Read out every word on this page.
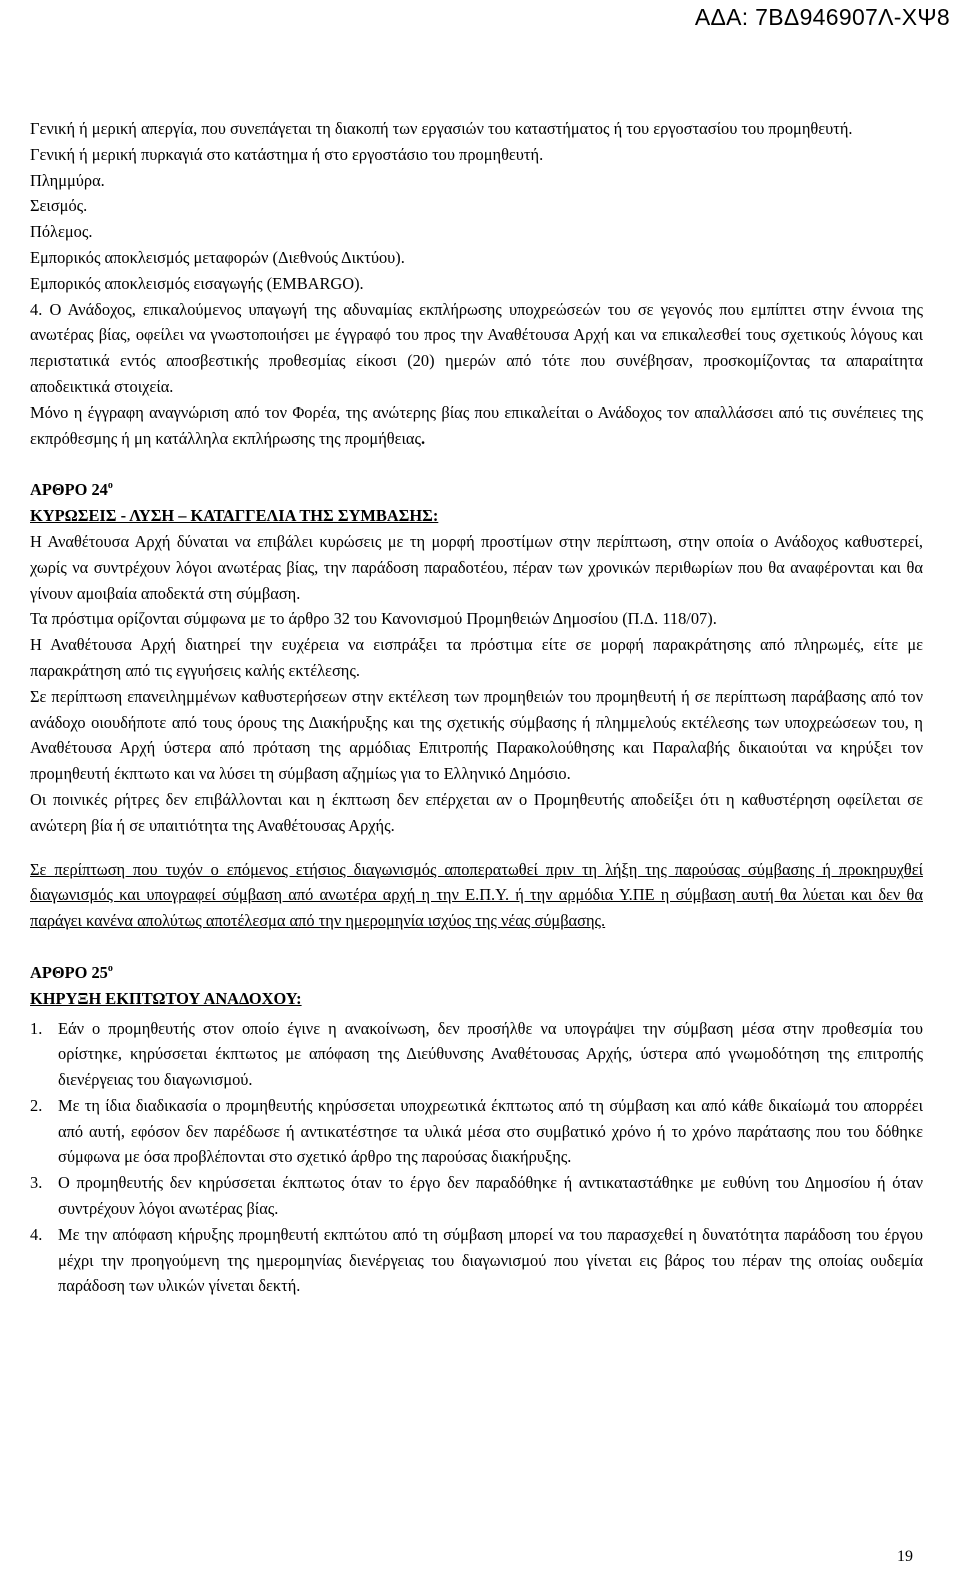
ΑΔΑ: 7ΒΔ946907Λ-ΧΨ8

Γενική ή μερική απεργία, που συνεπάγεται τη διακοπή των εργασιών του καταστήματος ή του εργοστασίου του προμηθευτή.

Γενική ή μερική πυρκαγιά στο κατάστημα ή στο εργοστάσιο του προμηθευτή.

Πλημμύρα.

Σεισμός.

Πόλεμος.

Εμπορικός αποκλεισμός μεταφορών (Διεθνούς Δικτύου).

Εμπορικός αποκλεισμός εισαγωγής (EMBARGO).

4. Ο Ανάδοχος, επικαλούμενος υπαγωγή της αδυναμίας εκπλήρωσης υποχρεώσεών του σε γεγονός που εμπίπτει στην έννοια της ανωτέρας βίας, οφείλει να γνωστοποιήσει με έγγραφό του προς την Αναθέτουσα Αρχή και να επικαλεσθεί τους σχετικούς λόγους και περιστατικά εντός αποσβεστικής προθεσμίας είκοσι (20) ημερών από τότε που συνέβησαν, προσκομίζοντας τα απαραίτητα αποδεικτικά στοιχεία.

Μόνο η έγγραφη αναγνώριση από τον Φορέα, της ανώτερης βίας που επικαλείται ο Ανάδοχος τον απαλλάσσει από τις συνέπειες της εκπρόθεσμης ή μη κατάλληλα εκπλήρωσης της προμήθειας.

ΑΡΘΡΟ $24^o$

ΚΥΡΩΣΕΙΣ - ΛΥΣΗ – ΚΑΤΑΓΓΕΛΙΑ ΤΗΣ ΣΥΜΒΑΣΗΣ:

Η Αναθέτουσα Αρχή δύναται να επιβάλει κυρώσεις με τη μορφή προστίμων στην περίπτωση, στην οποία ο Ανάδοχος καθυστερεί, χωρίς να συντρέχουν λόγοι ανωτέρας βίας, την παράδοση παραδοτέου, πέραν των χρονικών περιθωρίων που θα αναφέρονται και θα γίνουν αμοιβαία αποδεκτά στη σύμβαση.

Τα πρόστιμα ορίζονται σύμφωνα με το άρθρο 32 του Κανονισμού Προμηθειών Δημοσίου (Π.Δ. 118/07).

Η Αναθέτουσα Αρχή διατηρεί την ευχέρεια να εισπράξει τα πρόστιμα είτε σε μορφή παρακράτησης από πληρωμές, είτε με παρακράτηση από τις εγγυήσεις καλής εκτέλεσης.

Σε περίπτωση επανειλημμένων καθυστερήσεων στην εκτέλεση των προμηθειών του προμηθευτή ή σε περίπτωση παράβασης από τον ανάδοχο οιουδήποτε από τους όρους της Διακήρυξης και της σχετικής σύμβασης ή πλημμελούς εκτέλεσης των υποχρεώσεων του, η Αναθέτουσα Αρχή ύστερα από πρόταση της αρμόδιας Επιτροπής Παρακολούθησης και Παραλαβής δικαιούται να κηρύξει τον προμηθευτή έκπτωτο και να λύσει τη σύμβαση αζημίως για το Ελληνικό Δημόσιο.

Οι ποινικές ρήτρες δεν επιβάλλονται και η έκπτωση δεν επέρχεται αν ο Προμηθευτής αποδείξει ότι η καθυστέρηση οφείλεται σε ανώτερη βία ή σε υπαιτιότητα της Αναθέτουσας Αρχής.

Σε περίπτωση που τυχόν ο επόμενος ετήσιος διαγωνισμός αποπερατωθεί πριν τη λήξη της παρούσας σύμβασης ή προκηρυχθεί διαγωνισμός και υπογραφεί σύμβαση από ανωτέρα αρχή η την Ε.Π.Υ. ή την αρμόδια Υ.ΠΕ η σύμβαση αυτή θα λύεται και δεν θα παράγει κανένα απολύτως αποτέλεσμα από την ημερομηνία ισχύος της νέας σύμβασης.

ΑΡΘΡΟ $25^o$

ΚΗΡΥΞΗ ΕΚΠΤΩΤΟΥ ΑΝΑΔΟΧΟΥ:

1. Εάν ο προμηθευτής στον οποίο έγινε η ανακοίνωση, δεν προσήλθε να υπογράψει την σύμβαση μέσα στην προθεσμία του ορίστηκε, κηρύσσεται έκπτωτος με απόφαση της Διεύθυνσης Αναθέτουσας Αρχής, ύστερα από γνωμοδότηση της επιτροπής διενέργειας του διαγωνισμού.
2. Με τη ίδια διαδικασία ο προμηθευτής κηρύσσεται υποχρεωτικά έκπτωτος από τη σύμβαση και από κάθε δικαίωμά του απορρέει από αυτή, εφόσον δεν παρέδωσε ή αντικατέστησε τα υλικά μέσα στο συμβατικό χρόνο ή το χρόνο παράτασης που του δόθηκε σύμφωνα με όσα προβλέπονται στο σχετικό άρθρο της παρούσας διακήρυξης.
3. Ο προμηθευτής δεν κηρύσσεται έκπτωτος όταν το έργο δεν παραδόθηκε ή αντικαταστάθηκε με ευθύνη του Δημοσίου ή όταν συντρέχουν λόγοι ανωτέρας βίας.
4. Με την απόφαση κήρυξης προμηθευτή εκπτώτου από τη σύμβαση μπορεί να του παρασχεθεί η δυνατότητα παράδοση του έργου μέχρι την προηγούμενη της ημερομηνίας διενέργειας του διαγωνισμού που γίνεται εις βάρος του πέραν της οποίας ουδεμία παράδοση των υλικών γίνεται δεκτή.
19
